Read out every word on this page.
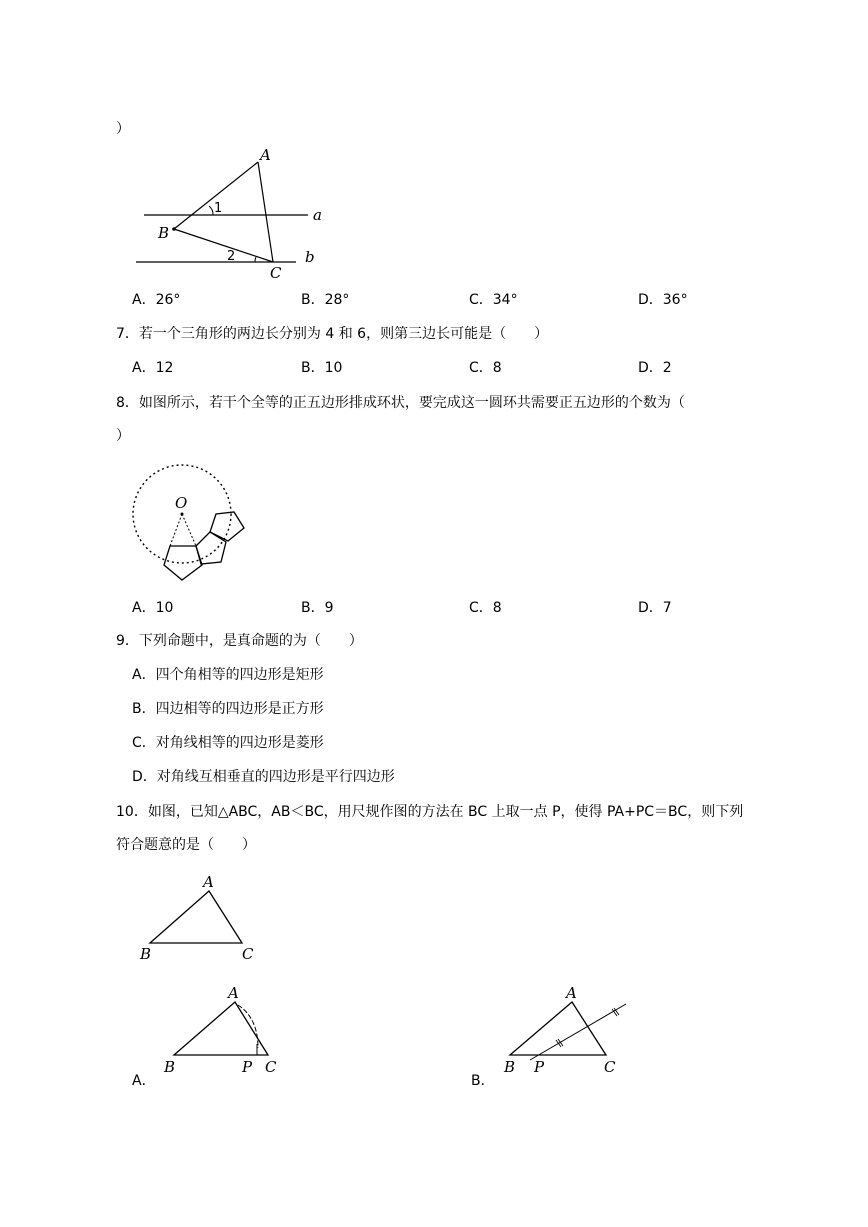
）
A
B
C
a
b
1
2
A．26°	B．28°	C．34°	D．36°
7．若一个三角形的两边长分别为 4 和 6，则第三边长可能是（　　）
A．12	B．10	C．8	D．2
8．如图所示，若干个全等的正五边形排成环状，要完成这一圆环共需要正五边形的个数为（
）
O
A．10	B．9	C．8	D．7
9．下列命题中，是真命题的为（　　）
A．四个角相等的四边形是矩形
B．四边相等的四边形是正方形
C．对角线相等的四边形是菱形
D．对角线互相垂直的四边形是平行四边形
10．如图，已知△ABC，AB＜BC，用尺规作图的方法在 BC 上取一点 P，使得 PA+PC＝BC，则下列
符合题意的是（　　）
A
B	C
A
B	P C
A．
A
B P	C
B．
